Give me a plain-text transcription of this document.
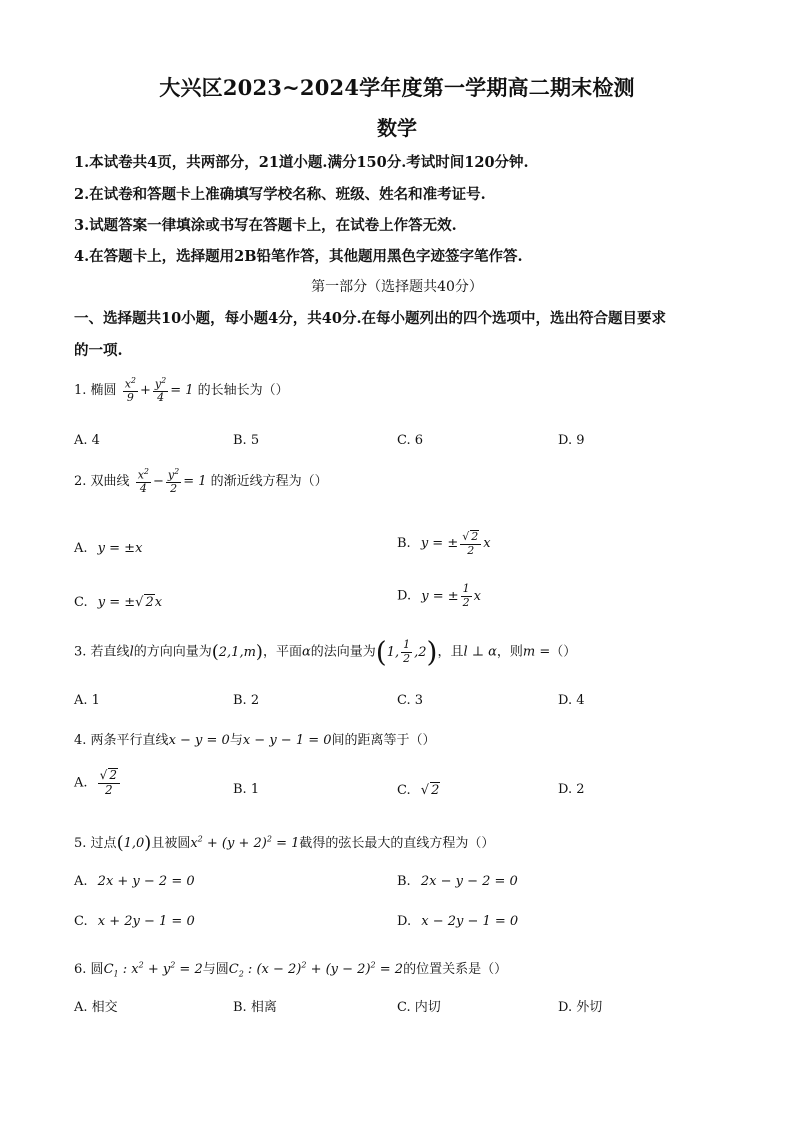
大兴区2023~2024学年度第一学期高二期末检测
数学
1.本试卷共4页，共两部分，21道小题.满分150分.考试时间120分钟.
2.在试卷和答题卡上准确填写学校名称、班级、姓名和准考证号.
3.试题答案一律填涂或书写在答题卡上，在试卷上作答无效.
4.在答题卡上，选择题用2B铅笔作答，其他题用黑色字迹签字笔作答.
第一部分（选择题共40分）
一、选择题共10小题，每小题4分，共40分.在每小题列出的四个选项中，选出符合题目要求
的一项.
1. 椭圆 $\frac{x^2}{9} + \frac{y^2}{4} = 1$ 的长轴长为（）
A. 4	B. 5	C. 6	D. 9
2. 双曲线 $\frac{x^2}{4} - \frac{y^2}{2} = 1$ 的渐近线方程为（）
A. y = ±x	B. y = ± $\frac{√ 2}{2}$ x
C. y = ±√ 2x	D. y = ± $\frac{1}{2}$ x
3. 若直线l的方向向量为(2,1,m)，平面α的法向量为(1, $\frac{1}{2} ,2$)，且l ⊥ α，则m =（）
A. 1	B. 2	C. 3	D. 4
4. 两条平行直线x − y = 0与x − y − 1 = 0间的距离等于（）
A. $\frac{√ 2}{2}$	B. 1	C. √ 2	D. 2
5. 过点(1,0)且被圆$x^2 + (y + 2)^2 = 1$截得的弦长最大的直线方程为（）
A. 2x + y − 2 = 0	B. 2x − y − 2 = 0
C. x + 2y − 1 = 0	D. x − 2y − 1 = 0
6. 圆$C_1$ : $x^2 + y^2 = 2$与圆$C_2$ : $(x - 2)^2 + (y - 2)^2 = 2$的位置关系是（）
A. 相交	B. 相离	C. 内切	D. 外切
